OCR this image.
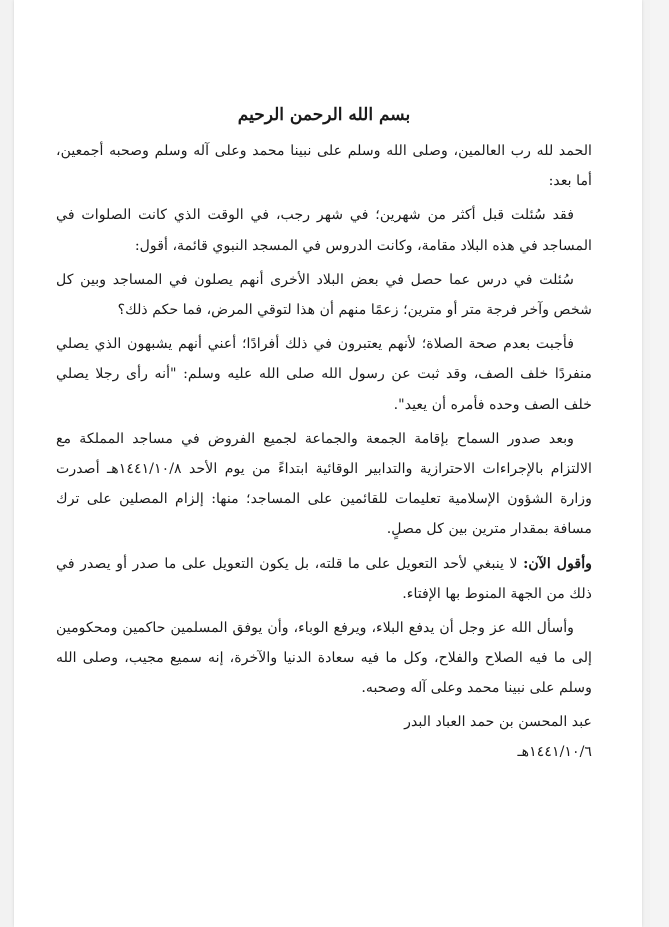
بسم الله الرحمن الرحيم
الحمد لله رب العالمين، وصلى الله وسلم على نبينا محمد وعلى آله وسلم وصحبه أجمعين، أما بعد:
فقد سُئلت قبل أكثر من شهرين؛ في شهر رجب، في الوقت الذي كانت الصلوات في المساجد في هذه البلاد مقامة، وكانت الدروس في المسجد النبوي قائمة، أقول:
سُئلت في درس عما حصل في بعض البلاد الأخرى أنهم يصلون في المساجد وبين كل شخص وآخر فرجة متر أو مترين؛ زعمًا منهم أن هذا لتوقي المرض، فما حكم ذلك؟
فأجبت بعدم صحة الصلاة؛ لأنهم يعتبرون في ذلك أفرادًا؛ أعني أنهم يشبهون الذي يصلي منفردًا خلف الصف، وقد ثبت عن رسول الله صلى الله عليه وسلم: "أنه رأى رجلا يصلي خلف الصف وحده فأمره أن يعيد".
وبعد صدور السماح بإقامة الجمعة والجماعة لجميع الفروض في مساجد المملكة مع الالتزام بالإجراءات الاحترازية والتدابير الوقائية ابتداءً من يوم الأحد ١٤٤١/١٠/٨هـ أصدرت وزارة الشؤون الإسلامية تعليمات للقائمين على المساجد؛ منها: إلزام المصلين على ترك مسافة بمقدار مترين بين كل مصلٍ.
وأقول الآن: لا ينبغي لأحد التعويل على ما قلته، بل يكون التعويل على ما صدر أو يصدر في ذلك من الجهة المنوط بها الإفتاء.
وأسأل الله عز وجل أن يدفع البلاء، ويرفع الوباء، وأن يوفق المسلمين حاكمين ومحكومين إلى ما فيه الصلاح والفلاح، وكل ما فيه سعادة الدنيا والآخرة، إنه سميع مجيب، وصلى الله وسلم على نبينا محمد وعلى آله وصحبه.
عبد المحسن بن حمد العباد البدر
١٤٤١/١٠/٦هـ
